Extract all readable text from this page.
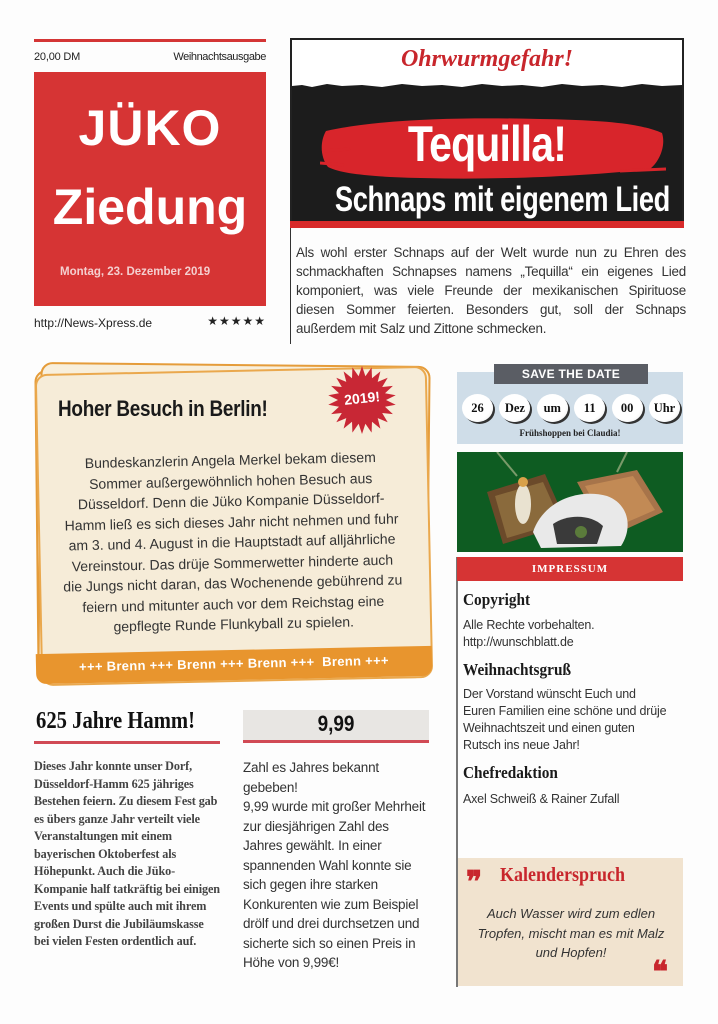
20,00 DM	Weihnachtsausgabe
JÜKO
Ziedung
Montag, 23. Dezember 2019
http://News-Xpress.de	★★★★★
Ohrwurmgefahr!
Tequilla!
Schnaps mit eigenem Lied
Als wohl erster Schnaps auf der Welt wurde nun zu Ehren des schmackhaften Schnapses namens „Tequilla“ ein eigenes Lied komponiert, was viele Freunde der mexikanischen Spirituose diesen Sommer feierten. Besonders gut, soll der Schnaps außerdem mit Salz und Zittone schmecken.
Hoher Besuch in Berlin!	2019!
Bundeskanzlerin Angela Merkel bekam diesem Sommer außergewöhnlich hohen Besuch aus Düsseldorf. Denn die Jüko Kompanie Düsseldorf-Hamm ließ es sich dieses Jahr nicht nehmen und fuhr am 3. und 4. August in die Hauptstadt auf alljährliche Vereinstour. Das drüje Sommerwetter hinderte auch die Jungs nicht daran, das Wochenende gebührend zu feiern und mitunter auch vor dem Reichstag eine gepflegte Runde Flunkyball zu spielen.
+++ Brenn +++ Brenn +++ Brenn +++  Brenn +++
SAVE THE DATE
26	Dez	um	11	00	Uhr
Frühshoppen bei Claudia!
IMPRESSUM
Copyright
Alle Rechte vorbehalten.
http://wunschblatt.de
Weihnachtsgruß
Der Vorstand wünscht Euch und
Euren Familien eine schöne und drüje
Weihnachtszeit und einen guten
Rutsch ins neue Jahr!
Chefredaktion
Axel Schweiß & Rainer Zufall
❞ Kalenderspruch
Auch Wasser wird zum edlen Tropfen, mischt man es mit Malz und Hopfen!
❝
625 Jahre Hamm!
Dieses Jahr konnte unser Dorf, Düsseldorf-Hamm 625 jähriges Bestehen feiern. Zu diesem Fest gab es übers ganze Jahr verteilt viele Veranstaltungen mit einem bayerischen Oktoberfest als Höhepunkt. Auch die Jüko-Kompanie half tatkräftig bei einigen Events und spülte auch mit ihrem großen Durst die Jubiläumskasse bei vielen Festen ordentlich auf.
9,99
Zahl es Jahres bekannt gebeben!
9,99 wurde mit großer Mehrheit zur diesjährigen Zahl des Jahres gewählt. In einer spannenden Wahl konnte sie sich gegen ihre starken Konkurenten wie zum Beispiel drölf und drei durchsetzen und sicherte sich so einen Preis in Höhe von 9,99€!
